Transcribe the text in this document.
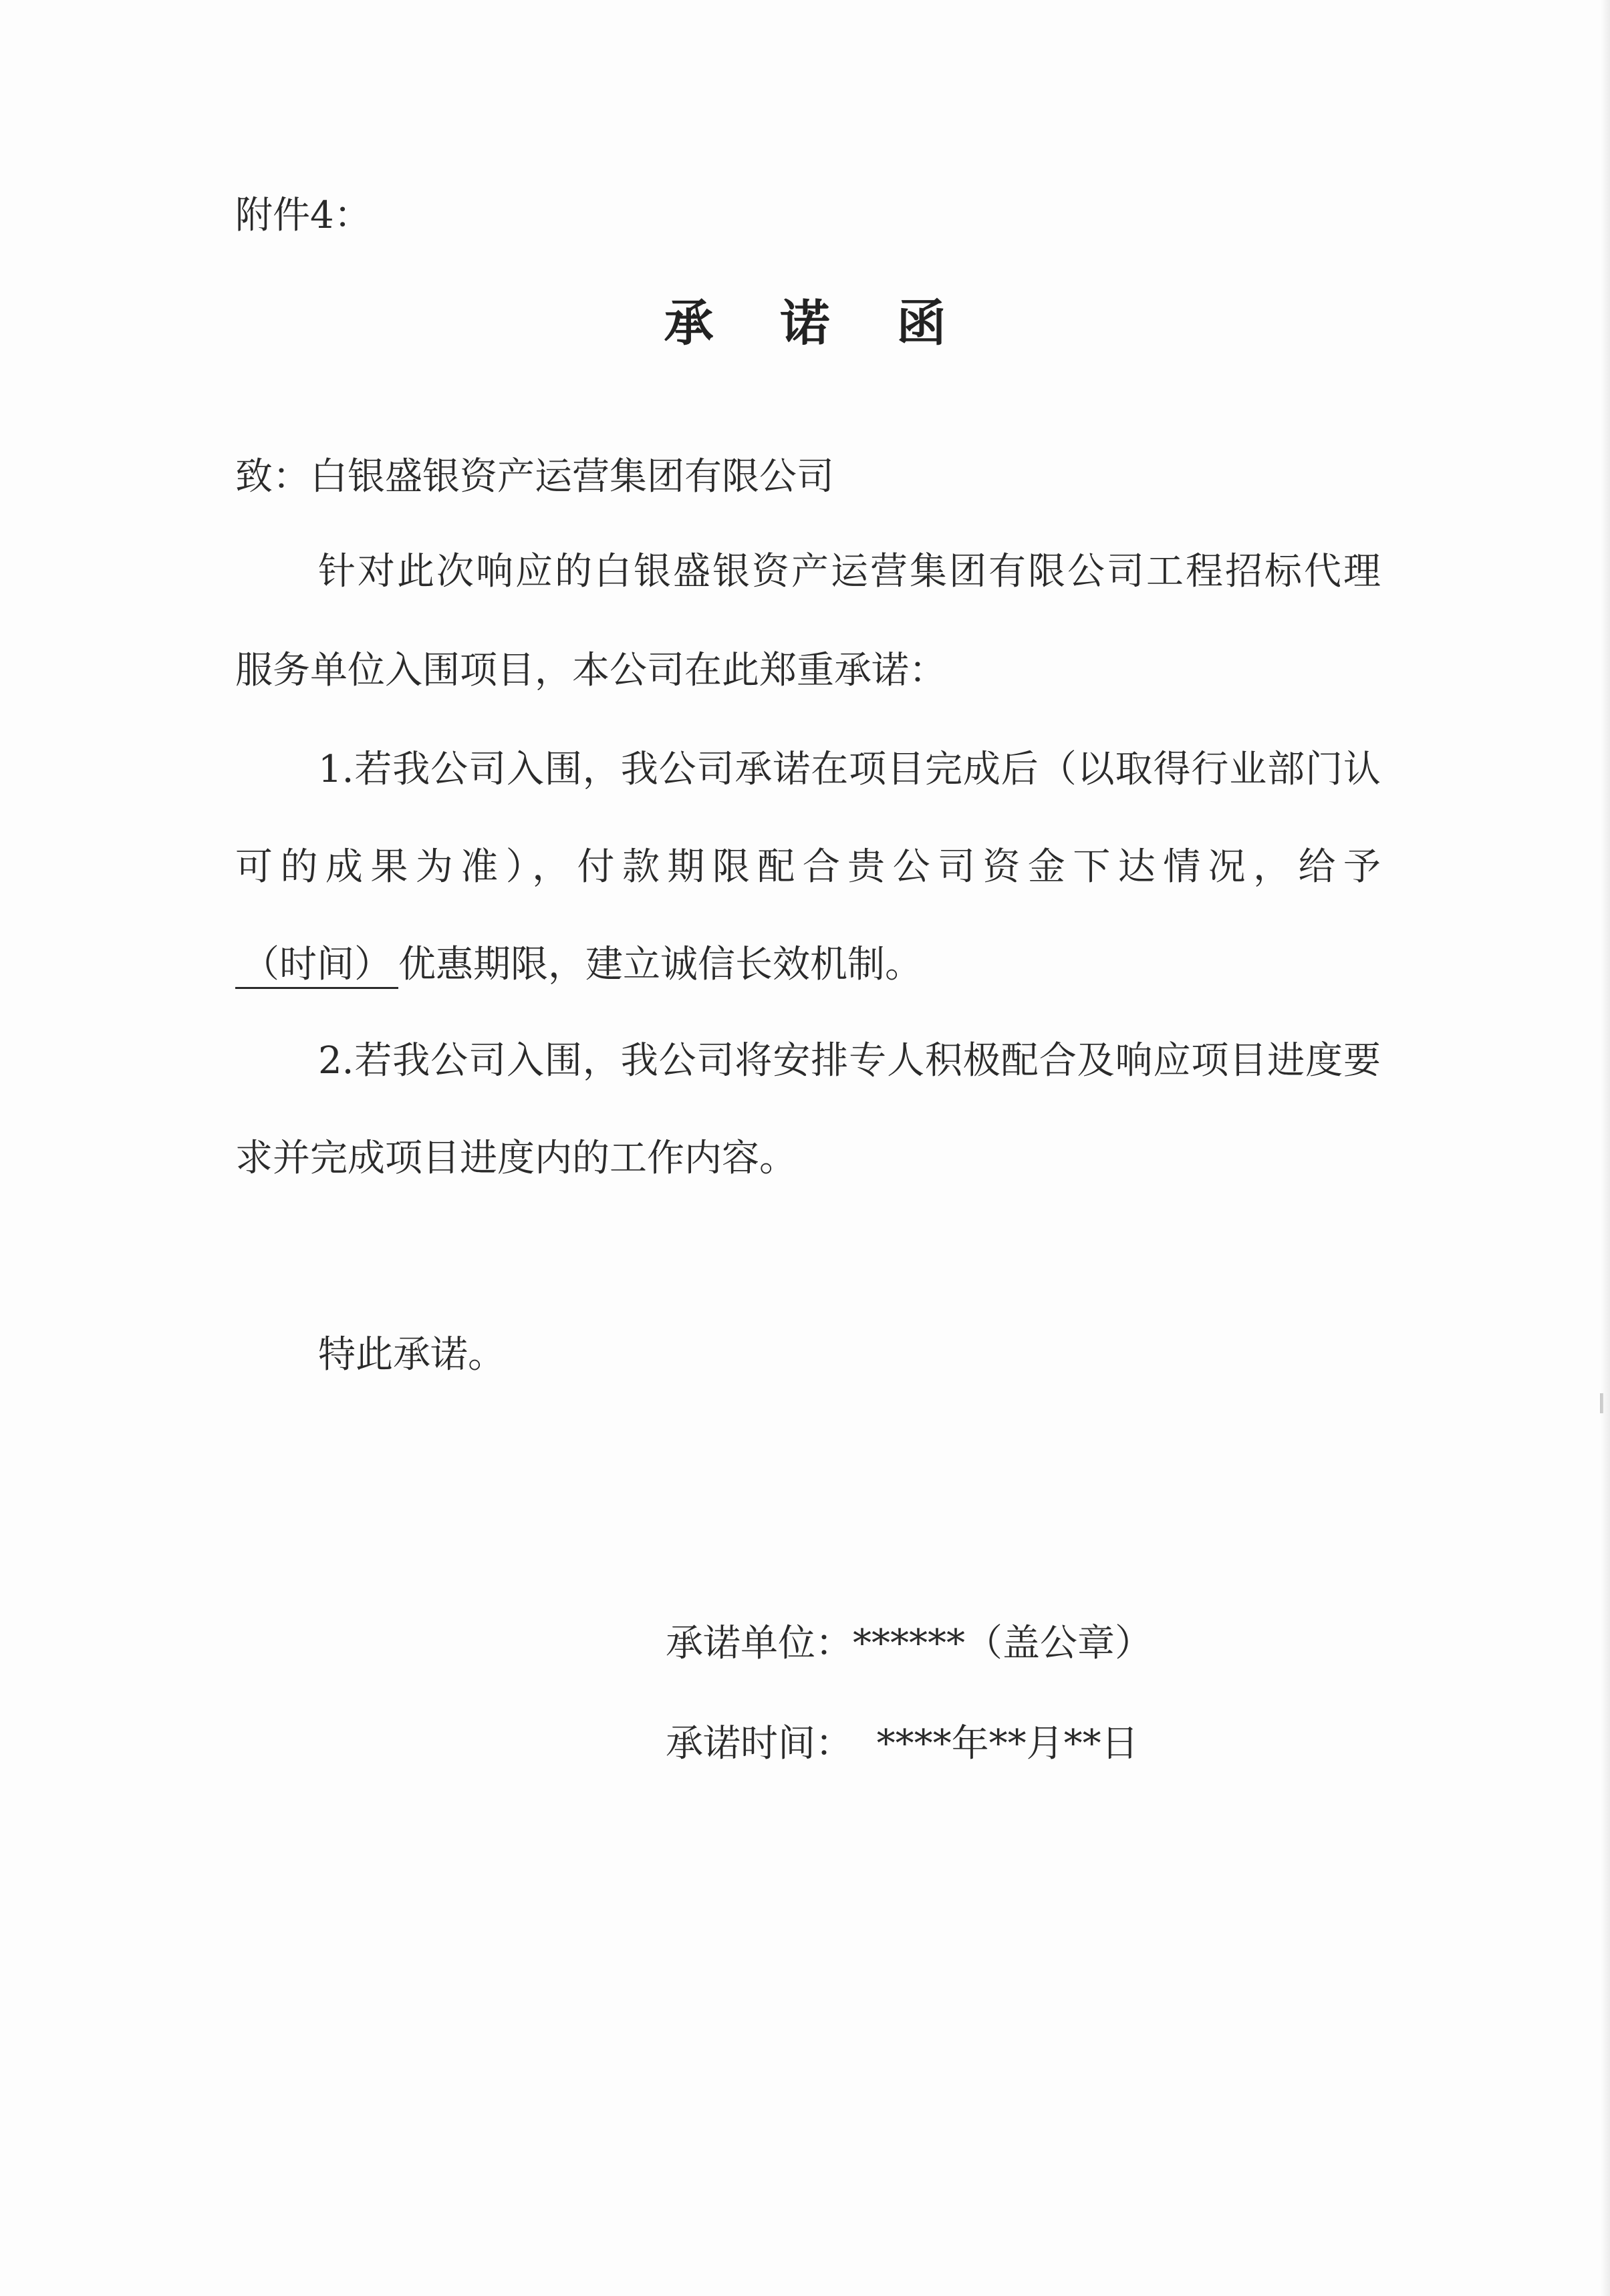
附件4：

承诺函

致：白银盛银资产运营集团有限公司

针对此次响应的白银盛银资产运营集团有限公司工程招标代理

服务单位入围项目，本公司在此郑重承诺：

1.若我公司入围，我公司承诺在项目完成后（以取得行业部门认

可的成果为准），付款期限配合贵公司资金下达情况，给予

（时间） 优惠期限，建立诚信长效机制。

2.若我公司入围，我公司将安排专人积极配合及响应项目进度要

求并完成项目进度内的工作内容。

特此承诺。

承诺单位：******（盖公章）

承诺时间：  ****年**月**日
